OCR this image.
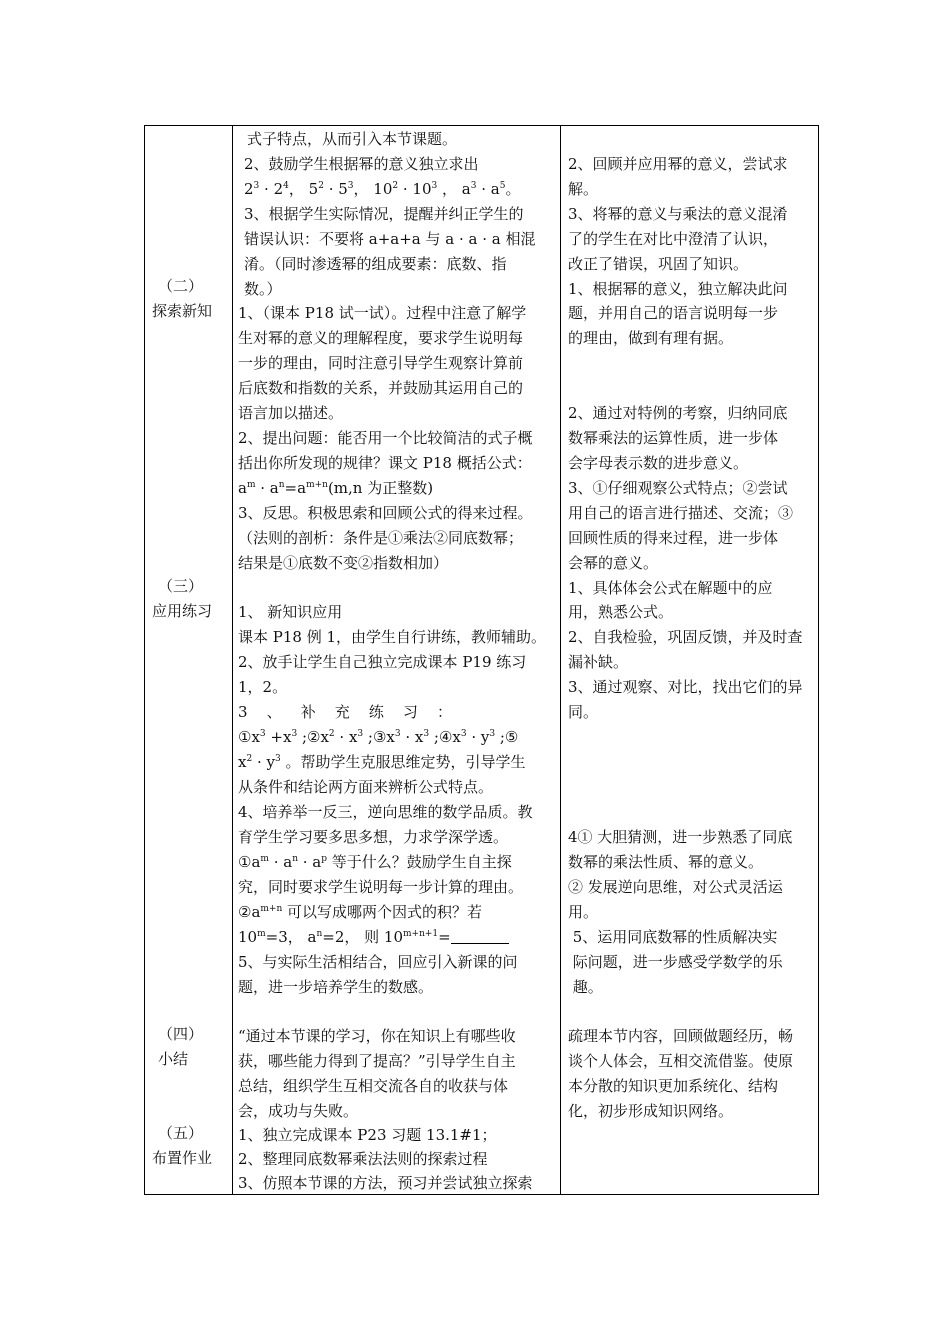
（二）
探索新知
（三）
应用练习
（四）
小结
（五）
布置作业
式子特点，从而引入本节课题。
2、鼓励学生根据幂的意义独立求出
$2^3 \cdot 2^4$， $5^2 \cdot 5^3$， $10^2 \cdot 10^3$ ， $a^3 \cdot a^5$。
3、根据学生实际情况，提醒并纠正学生的
错误认识：不要将 a+a+a 与 a · a · a 相混
淆。（同时渗透幂的组成要素：底数、指
数。）
1、（课本 P18 试一试）。过程中注意了解学
生对幂的意义的理解程度，要求学生说明每
一步的理由，同时注意引导学生观察计算前
后底数和指数的关系，并鼓励其运用自己的
语言加以描述。
2、提出问题：能否用一个比较简洁的式子概
括出你所发现的规律？课文 P18 概括公式：
$a^m \cdot a^n=a^{m+n}(m,n$ 为正整数)
3、反思。积极思索和回顾公式的得来过程。
（法则的剖析：条件是①乘法②同底数幂；
结果是①底数不变②指数相加）
1、 新知识应用
课本 P18 例 1，由学生自行讲练，教师辅助。
2、放手让学生自己独立完成课本 P19 练习
1，2。
3    、    补    充    练    习    ：
$①x^3 +x^3$ $;②x^2 \cdot x^3$ $;③x^3 \cdot x^3$ $;④x^3 \cdot y^3$ ;⑤
$x^2 \cdot y^3$ 。帮助学生克服思维定势，引导学生
从条件和结论两方面来辨析公式特点。
4、培养举一反三，逆向思维的数学品质。教
育学生学习要多思多想，力求学深学透。
$①a^m \cdot a^n \cdot a^p$ 等于什么？鼓励学生自主探
究，同时要求学生说明每一步计算的理由。
$②a^{m+n}$ 可以写成哪两个因式的积？若
$10^m=3$， $a^n=2$， 则 $10^{m+n+1}=$
5、与实际生活相结合，回应引入新课的问
题，进一步培养学生的数感。
“通过本节课的学习，你在知识上有哪些收
获，哪些能力得到了提高？”引导学生自主
总结，组织学生互相交流各自的收获与体
会，成功与失败。
1、独立完成课本 P23 习题 13.1#1；
2、整理同底数幂乘法法则的探索过程
3、仿照本节课的方法，预习并尝试独立探索
2、回顾并应用幂的意义，尝试求
解。
3、将幂的意义与乘法的意义混淆
了的学生在对比中澄清了认识，
改正了错误，巩固了知识。
1、根据幂的意义，独立解决此问
题，并用自己的语言说明每一步
的理由，做到有理有据。
2、通过对特例的考察，归纳同底
数幂乘法的运算性质，进一步体
会字母表示数的进步意义。
3、①仔细观察公式特点；②尝试
用自己的语言进行描述、交流；③
回顾性质的得来过程，进一步体
会幂的意义。
1、具体体会公式在解题中的应
用，熟悉公式。
2、自我检验，巩固反馈，并及时查
漏补缺。
3、通过观察、对比，找出它们的异
同。
4① 大胆猜测，进一步熟悉了同底
数幂的乘法性质、幂的意义。
② 发展逆向思维，对公式灵活运
用。
5、运用同底数幂的性质解决实
际问题，进一步感受学数学的乐
趣。
疏理本节内容，回顾做题经历，畅
谈个人体会，互相交流借鉴。使原
本分散的知识更加系统化、结构
化，初步形成知识网络。
